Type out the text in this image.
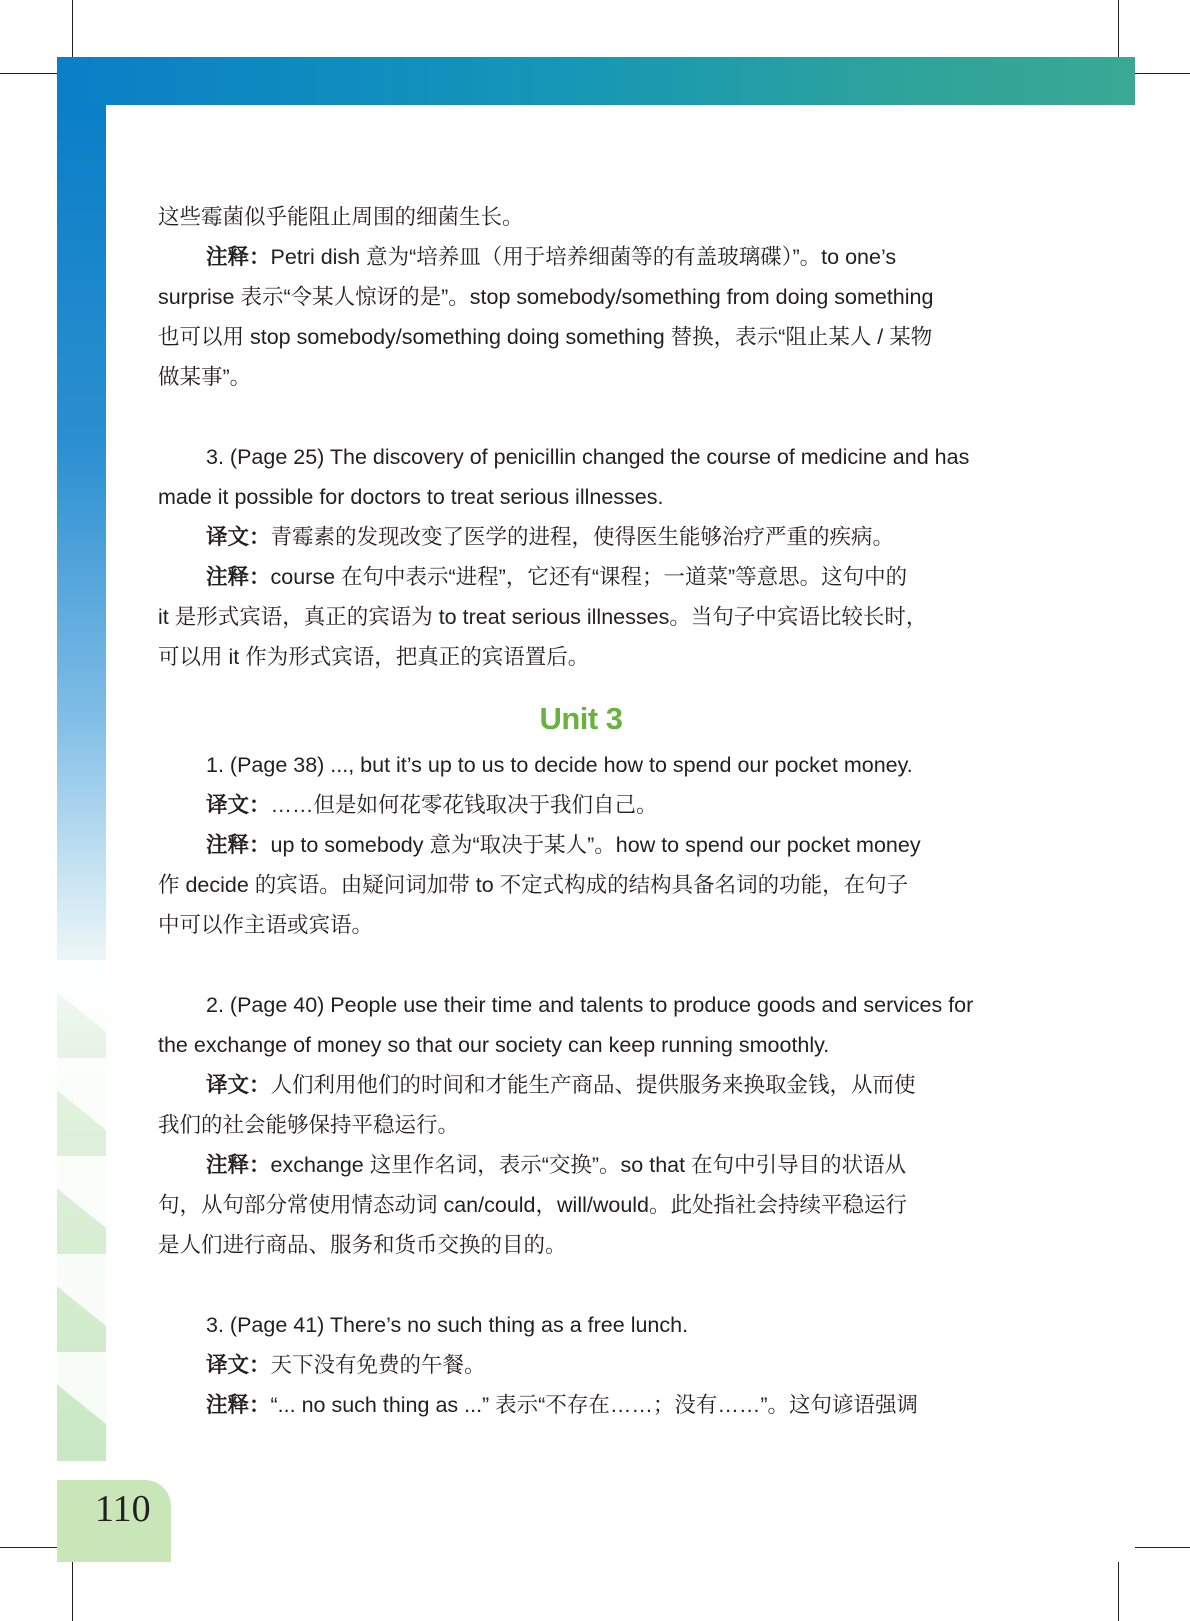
110

这些霉菌似乎能阻止周围的细菌生长。

注释：Petri dish 意为“培养皿（用于培养细菌等的有盖玻璃碟）”。to one’s

surprise 表示“令某人惊讶的是”。stop somebody/something from doing something

也可以用 stop somebody/something doing something 替换，表示“阻止某人 / 某物

做某事”。

3. (Page 25) The discovery of penicillin changed the course of medicine and has

made it possible for doctors to treat serious illnesses.

译文：青霉素的发现改变了医学的进程，使得医生能够治疗严重的疾病。

注释：course 在句中表示“进程”，它还有“课程；一道菜”等意思。这句中的

it 是形式宾语，真正的宾语为 to treat serious illnesses。当句子中宾语比较长时，

可以用 it 作为形式宾语，把真正的宾语置后。

Unit 3

1. (Page 38) ..., but it’s up to us to decide how to spend our pocket money.

译文：……但是如何花零花钱取决于我们自己。

注释：up to somebody 意为“取决于某人”。how to spend our pocket money

作 decide 的宾语。由疑问词加带 to 不定式构成的结构具备名词的功能，在句子

中可以作主语或宾语。

2. (Page 40) People use their time and talents to produce goods and services for

the exchange of money so that our society can keep running smoothly.

译文：人们利用他们的时间和才能生产商品、提供服务来换取金钱，从而使

我们的社会能够保持平稳运行。

注释：exchange 这里作名词，表示“交换”。so that 在句中引导目的状语从

句，从句部分常使用情态动词 can/could，will/would。此处指社会持续平稳运行

是人们进行商品、服务和货币交换的目的。

3. (Page 41) There’s no such thing as a free lunch.

译文：天下没有免费的午餐。

注释：“... no such thing as ...” 表示“不存在……；没有……”。这句谚语强调
